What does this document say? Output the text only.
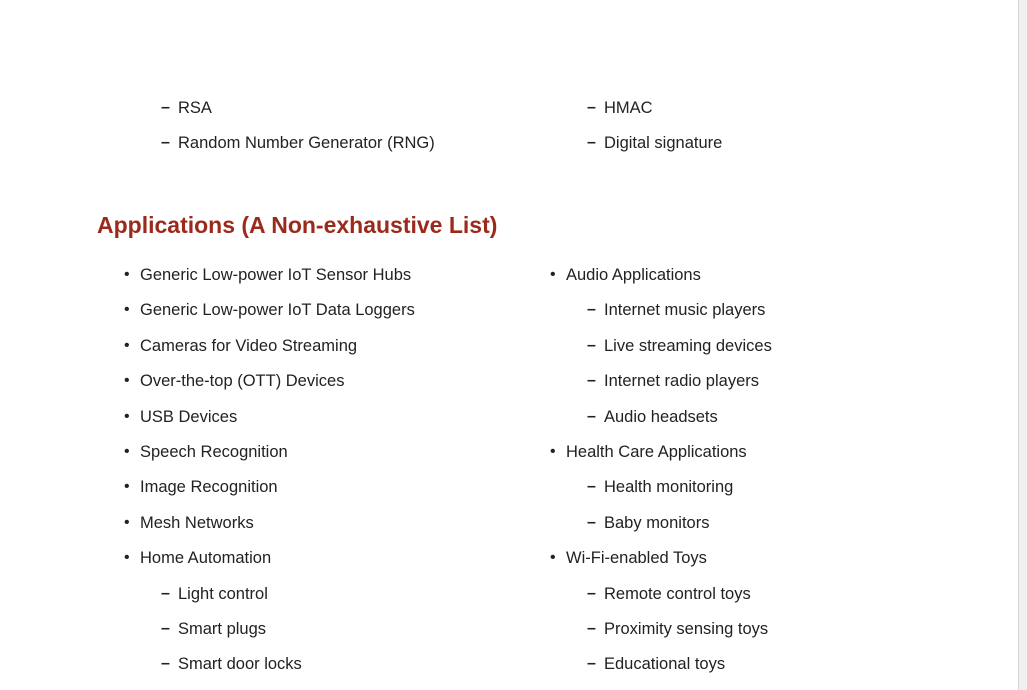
– RSA
– Random Number Generator (RNG)
– HMAC
– Digital signature
Applications (A Non-exhaustive List)
• Generic Low-power IoT Sensor Hubs
• Generic Low-power IoT Data Loggers
• Cameras for Video Streaming
• Over-the-top (OTT) Devices
• USB Devices
• Speech Recognition
• Image Recognition
• Mesh Networks
• Home Automation
– Light control
– Smart plugs
– Smart door locks
• Audio Applications
– Internet music players
– Live streaming devices
– Internet radio players
– Audio headsets
• Health Care Applications
– Health monitoring
– Baby monitors
• Wi-Fi-enabled Toys
– Remote control toys
– Proximity sensing toys
– Educational toys
